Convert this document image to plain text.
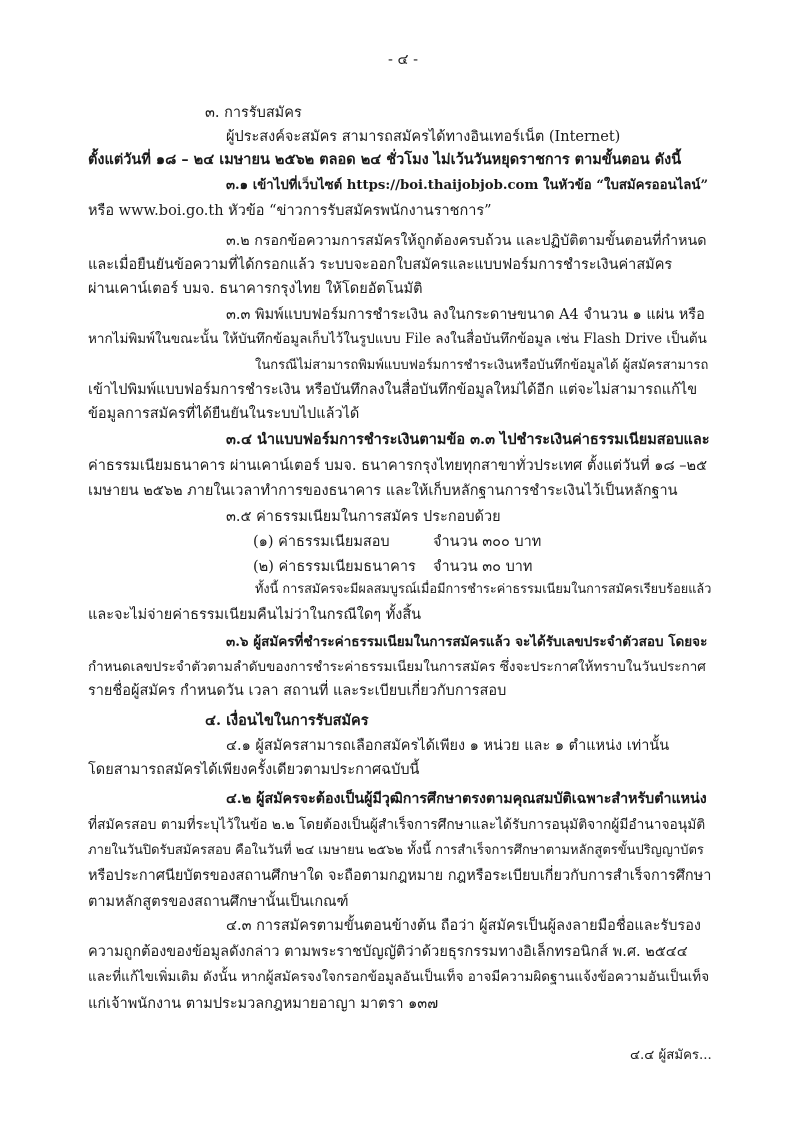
- ๔ -
๓. การรับสมัคร
ผู้ประสงค์จะสมัคร สามารถสมัครได้ทางอินเทอร์เน็ต (Internet)
ตั้งแต่วันที่ ๑๘ – ๒๔ เมษายน ๒๕๖๒ ตลอด ๒๔ ชั่วโมง ไม่เว้นวันหยุดราชการ ตามขั้นตอน ดังนี้
๓.๑ เข้าไปที่เว็บไซต์ https://boi.thaijobjob.com ในหัวข้อ “ใบสมัครออนไลน์”
หรือ www.boi.go.th หัวข้อ “ข่าวการรับสมัครพนักงานราชการ”
๓.๒ กรอกข้อความการสมัครให้ถูกต้องครบถ้วน และปฏิบัติตามขั้นตอนที่กำหนด
และเมื่อยืนยันข้อความที่ได้กรอกแล้ว ระบบจะออกใบสมัครและแบบฟอร์มการชำระเงินค่าสมัคร
ผ่านเคาน์เตอร์ บมจ. ธนาคารกรุงไทย ให้โดยอัตโนมัติ
๓.๓ พิมพ์แบบฟอร์มการชำระเงิน ลงในกระดาษขนาด A4 จำนวน ๑ แผ่น หรือ
หากไม่พิมพ์ในขณะนั้น ให้บันทึกข้อมูลเก็บไว้ในรูปแบบ File ลงในสื่อบันทึกข้อมูล เช่น Flash Drive เป็นต้น
ในกรณีไม่สามารถพิมพ์แบบฟอร์มการชำระเงินหรือบันทึกข้อมูลได้ ผู้สมัครสามารถ
เข้าไปพิมพ์แบบฟอร์มการชำระเงิน หรือบันทึกลงในสื่อบันทึกข้อมูลใหม่ได้อีก แต่จะไม่สามารถแก้ไข
ข้อมูลการสมัครที่ได้ยืนยันในระบบไปแล้วได้
๓.๔ นำแบบฟอร์มการชำระเงินตามข้อ ๓.๓ ไปชำระเงินค่าธรรมเนียมสอบและ
ค่าธรรมเนียมธนาคาร ผ่านเคาน์เตอร์ บมจ. ธนาคารกรุงไทยทุกสาขาทั่วประเทศ ตั้งแต่วันที่ ๑๘ –๒๕
เมษายน ๒๕๖๒ ภายในเวลาทำการของธนาคาร และให้เก็บหลักฐานการชำระเงินไว้เป็นหลักฐาน
๓.๕ ค่าธรรมเนียมในการสมัคร ประกอบด้วย
(๑) ค่าธรรมเนียมสอบ	จำนวน ๓๐๐ บาท
(๒) ค่าธรรมเนียมธนาคาร จำนวน ๓๐ บาท
ทั้งนี้ การสมัครจะมีผลสมบูรณ์เมื่อมีการชำระค่าธรรมเนียมในการสมัครเรียบร้อยแล้ว
และจะไม่จ่ายค่าธรรมเนียมคืนไม่ว่าในกรณีใดๆ ทั้งสิ้น
๓.๖ ผู้สมัครที่ชำระค่าธรรมเนียมในการสมัครแล้ว จะได้รับเลขประจำตัวสอบ โดยจะ
กำหนดเลขประจำตัวตามลำดับของการชำระค่าธรรมเนียมในการสมัคร ซึ่งจะประกาศให้ทราบในวันประกาศ
รายชื่อผู้สมัคร กำหนดวัน เวลา สถานที่ และระเบียบเกี่ยวกับการสอบ
๔. เงื่อนไขในการรับสมัคร
๔.๑ ผู้สมัครสามารถเลือกสมัครได้เพียง ๑ หน่วย และ ๑ ตำแหน่ง เท่านั้น
โดยสามารถสมัครได้เพียงครั้งเดียวตามประกาศฉบับนี้
๔.๒ ผู้สมัครจะต้องเป็นผู้มีวุฒิการศึกษาตรงตามคุณสมบัติเฉพาะสำหรับตำแหน่ง
ที่สมัครสอบ ตามที่ระบุไว้ในข้อ ๒.๒ โดยต้องเป็นผู้สำเร็จการศึกษาและได้รับการอนุมัติจากผู้มีอำนาจอนุมัติ
ภายในวันปิดรับสมัครสอบ คือในวันที่ ๒๔ เมษายน ๒๕๖๒ ทั้งนี้ การสำเร็จการศึกษาตามหลักสูตรขั้นปริญญาบัตร
หรือประกาศนียบัตรของสถานศึกษาใด จะถือตามกฎหมาย กฎหรือระเบียบเกี่ยวกับการสำเร็จการศึกษา
ตามหลักสูตรของสถานศึกษานั้นเป็นเกณฑ์
๔.๓ การสมัครตามขั้นตอนข้างต้น ถือว่า ผู้สมัครเป็นผู้ลงลายมือชื่อและรับรอง
ความถูกต้องของข้อมูลดังกล่าว ตามพระราชบัญญัติว่าด้วยธุรกรรมทางอิเล็กทรอนิกส์ พ.ศ. ๒๕๔๔
และที่แก้ไขเพิ่มเติม ดังนั้น หากผู้สมัครจงใจกรอกข้อมูลอันเป็นเท็จ อาจมีความผิดฐานแจ้งข้อความอันเป็นเท็จ
แก่เจ้าพนักงาน ตามประมวลกฎหมายอาญา มาตรา ๑๓๗
๔.๔ ผู้สมัคร...
